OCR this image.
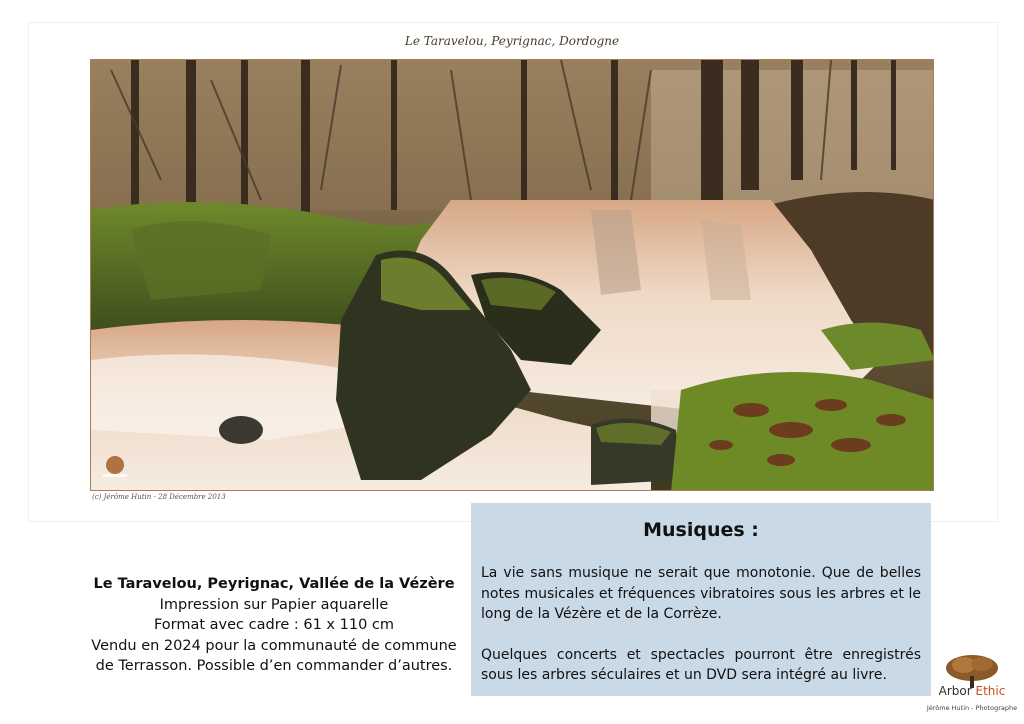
Le Taravelou, Peyrignac, Dordogne
(c) Jérôme Hutin - 28 Décembre 2013
Le Taravelou, Peyrignac, Vallée de la Vézère
Impression sur Papier aquarelle
Format avec cadre : 61 x 110 cm
Vendu en 2024 pour la communauté de commune
de Terrasson. Possible d’en commander d’autres.
Musiques :

La vie sans musique ne serait que monotonie. Que de belles notes musicales et fréquences vibratoires sous les arbres et le long de la Vézère et de la Corrèze.

Quelques concerts et spectacles pourront être enregistrés sous les arbres séculaires et un DVD sera intégré au livre.

Arbor Ethic
Jérôme Hutin - Photographe
